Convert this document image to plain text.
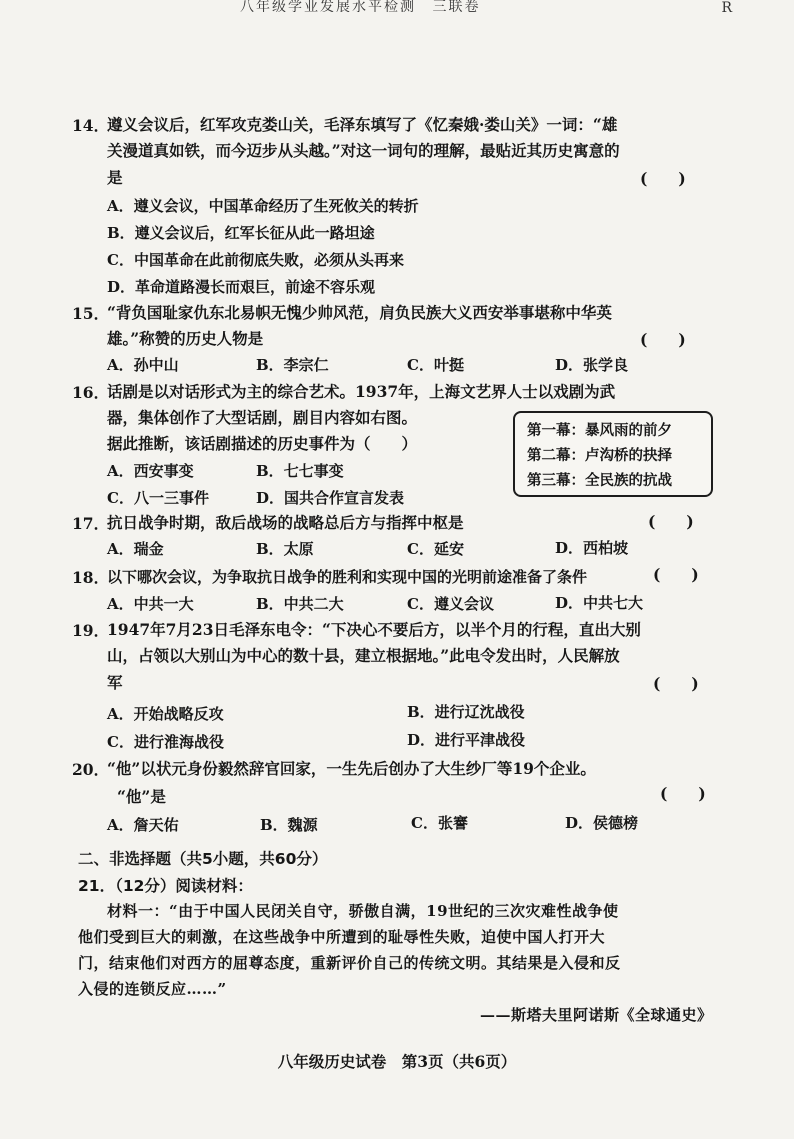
八年级学业发展水平检测 三联卷	R
14．
遵义会议后，红军攻克娄山关，毛泽东填写了《忆秦娥·娄山关》一词：“雄
关漫道真如铁，而今迈步从头越。”对这一词句的理解，最贴近其历史寓意的
是	(　　)
A．遵义会议，中国革命经历了生死攸关的转折
B．遵义会议后，红军长征从此一路坦途
C．中国革命在此前彻底失败，必须从头再来
D．革命道路漫长而艰巨，前途不容乐观
15．
“背负国耻家仇东北易帜无愧少帅风范，肩负民族大义西安举事堪称中华英
雄。”称赞的历史人物是	(　　)
A．孙中山	B．李宗仁	C．叶挺	D．张学良
16．
话剧是以对话形式为主的综合艺术。1937年，上海文艺界人士以戏剧为武
器，集体创作了大型话剧，剧目内容如右图。
据此推断，该话剧描述的历史事件为（　　）
A．西安事变	B．七七事变
C．八一三事件	D．国共合作宣言发表
第一幕：暴风雨的前夕
第二幕：卢沟桥的抉择
第三幕：全民族的抗战
17．
抗日战争时期，敌后战场的战略总后方与指挥中枢是	(　　)
A．瑞金	B．太原	C．延安	D．西柏坡
18．
以下哪次会议，为争取抗日战争的胜利和实现中国的光明前途准备了条件	(　　)
A．中共一大	B．中共二大	C．遵义会议	D．中共七大
19．
1947年7月23日毛泽东电令：“下决心不要后方，以半个月的行程，直出大别
山，占领以大别山为中心的数十县，建立根据地。”此电令发出时，人民解放
军	(　　)
A．开始战略反攻	B．进行辽沈战役
C．进行淮海战役	D．进行平津战役
20．
“他”以状元身份毅然辞官回家，一生先后创办了大生纱厂等19个企业。
“他”是	(　　)
A．詹天佑	B．魏源	C．张謇	D．侯德榜
二、非选择题（共5小题，共60分）
21．（12分）阅读材料：
材料一：“由于中国人民闭关自守，骄傲自满，19世纪的三次灾难性战争使
他们受到巨大的刺激，在这些战争中所遭到的耻辱性失败，迫使中国人打开大
门，结束他们对西方的屈尊态度，重新评价自己的传统文明。其结果是入侵和反
入侵的连锁反应……”
——斯塔夫里阿诺斯《全球通史》
八年级历史试卷　第3页（共6页）
